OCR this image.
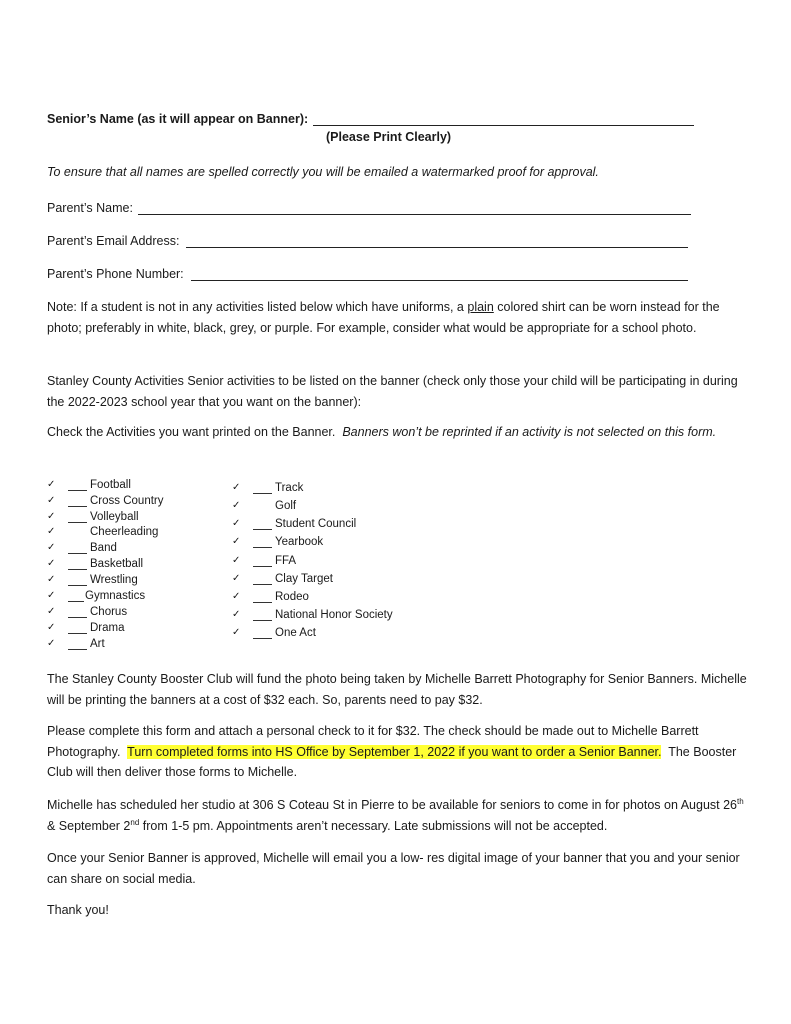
Senior’s Name (as it will appear on Banner):
(Please Print Clearly)
To ensure that all names are spelled correctly you will be emailed a watermarked proof for approval.
Parent’s Name:
Parent’s Email Address:
Parent’s Phone Number:
Note: If a student is not in any activities listed below which have uniforms, a plain colored shirt can be worn instead for the photo; preferably in white, black, grey, or purple. For example, consider what would be appropriate for a school photo.
Stanley County Activities Senior activities to be listed on the banner (check only those your child will be participating in during the 2022-2023 school year that you want on the banner):
Check the Activities you want printed on the Banner. Banners won’t be reprinted if an activity is not selected on this form.
✓	Football
✓	Cross Country
✓	Volleyball
✓	Cheerleading
✓	Band
✓	Basketball
✓	Wrestling
✓	Gymnastics
✓	Chorus
✓	Drama
✓	Art
✓	Track
✓	Golf
✓	Student Council
✓	Yearbook
✓	FFA
✓	Clay Target
✓	Rodeo
✓	National Honor Society
✓	One Act
The Stanley County Booster Club will fund the photo being taken by Michelle Barrett Photography for Senior Banners. Michelle will be printing the banners at a cost of $32 each. So, parents need to pay $32.
Please complete this form and attach a personal check to it for $32. The check should be made out to Michelle Barrett Photography. Turn completed forms into HS Office by September 1, 2022 if you want to order a Senior Banner. The Booster Club will then deliver those forms to Michelle.
Michelle has scheduled her studio at 306 S Coteau St in Pierre to be available for seniors to come in for photos on August 26th & September 2nd from 1-5 pm. Appointments aren’t necessary. Late submissions will not be accepted.
Once your Senior Banner is approved, Michelle will email you a low- res digital image of your banner that you and your senior can share on social media.
Thank you!
